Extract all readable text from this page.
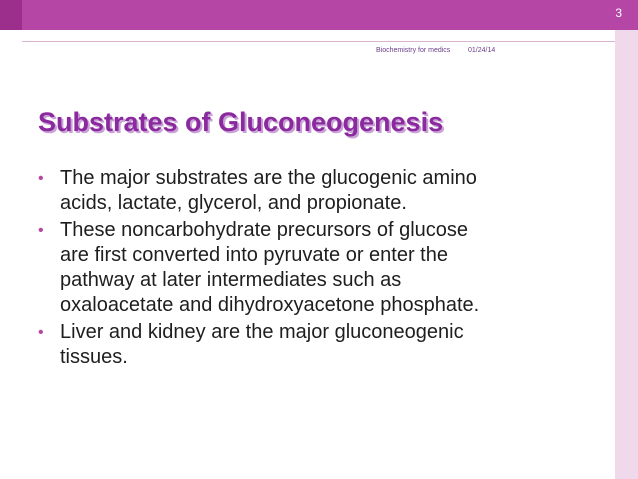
3
Biochemistry for medics	01/24/14
Substrates of Gluconeogenesis
• The major substrates are the glucogenic amino
acids, lactate, glycerol, and propionate.
• These noncarbohydrate precursors of glucose
are first converted into pyruvate or enter the
pathway at later intermediates such as
oxaloacetate and dihydroxyacetone phosphate.
• Liver and kidney are the major gluconeogenic
tissues.
